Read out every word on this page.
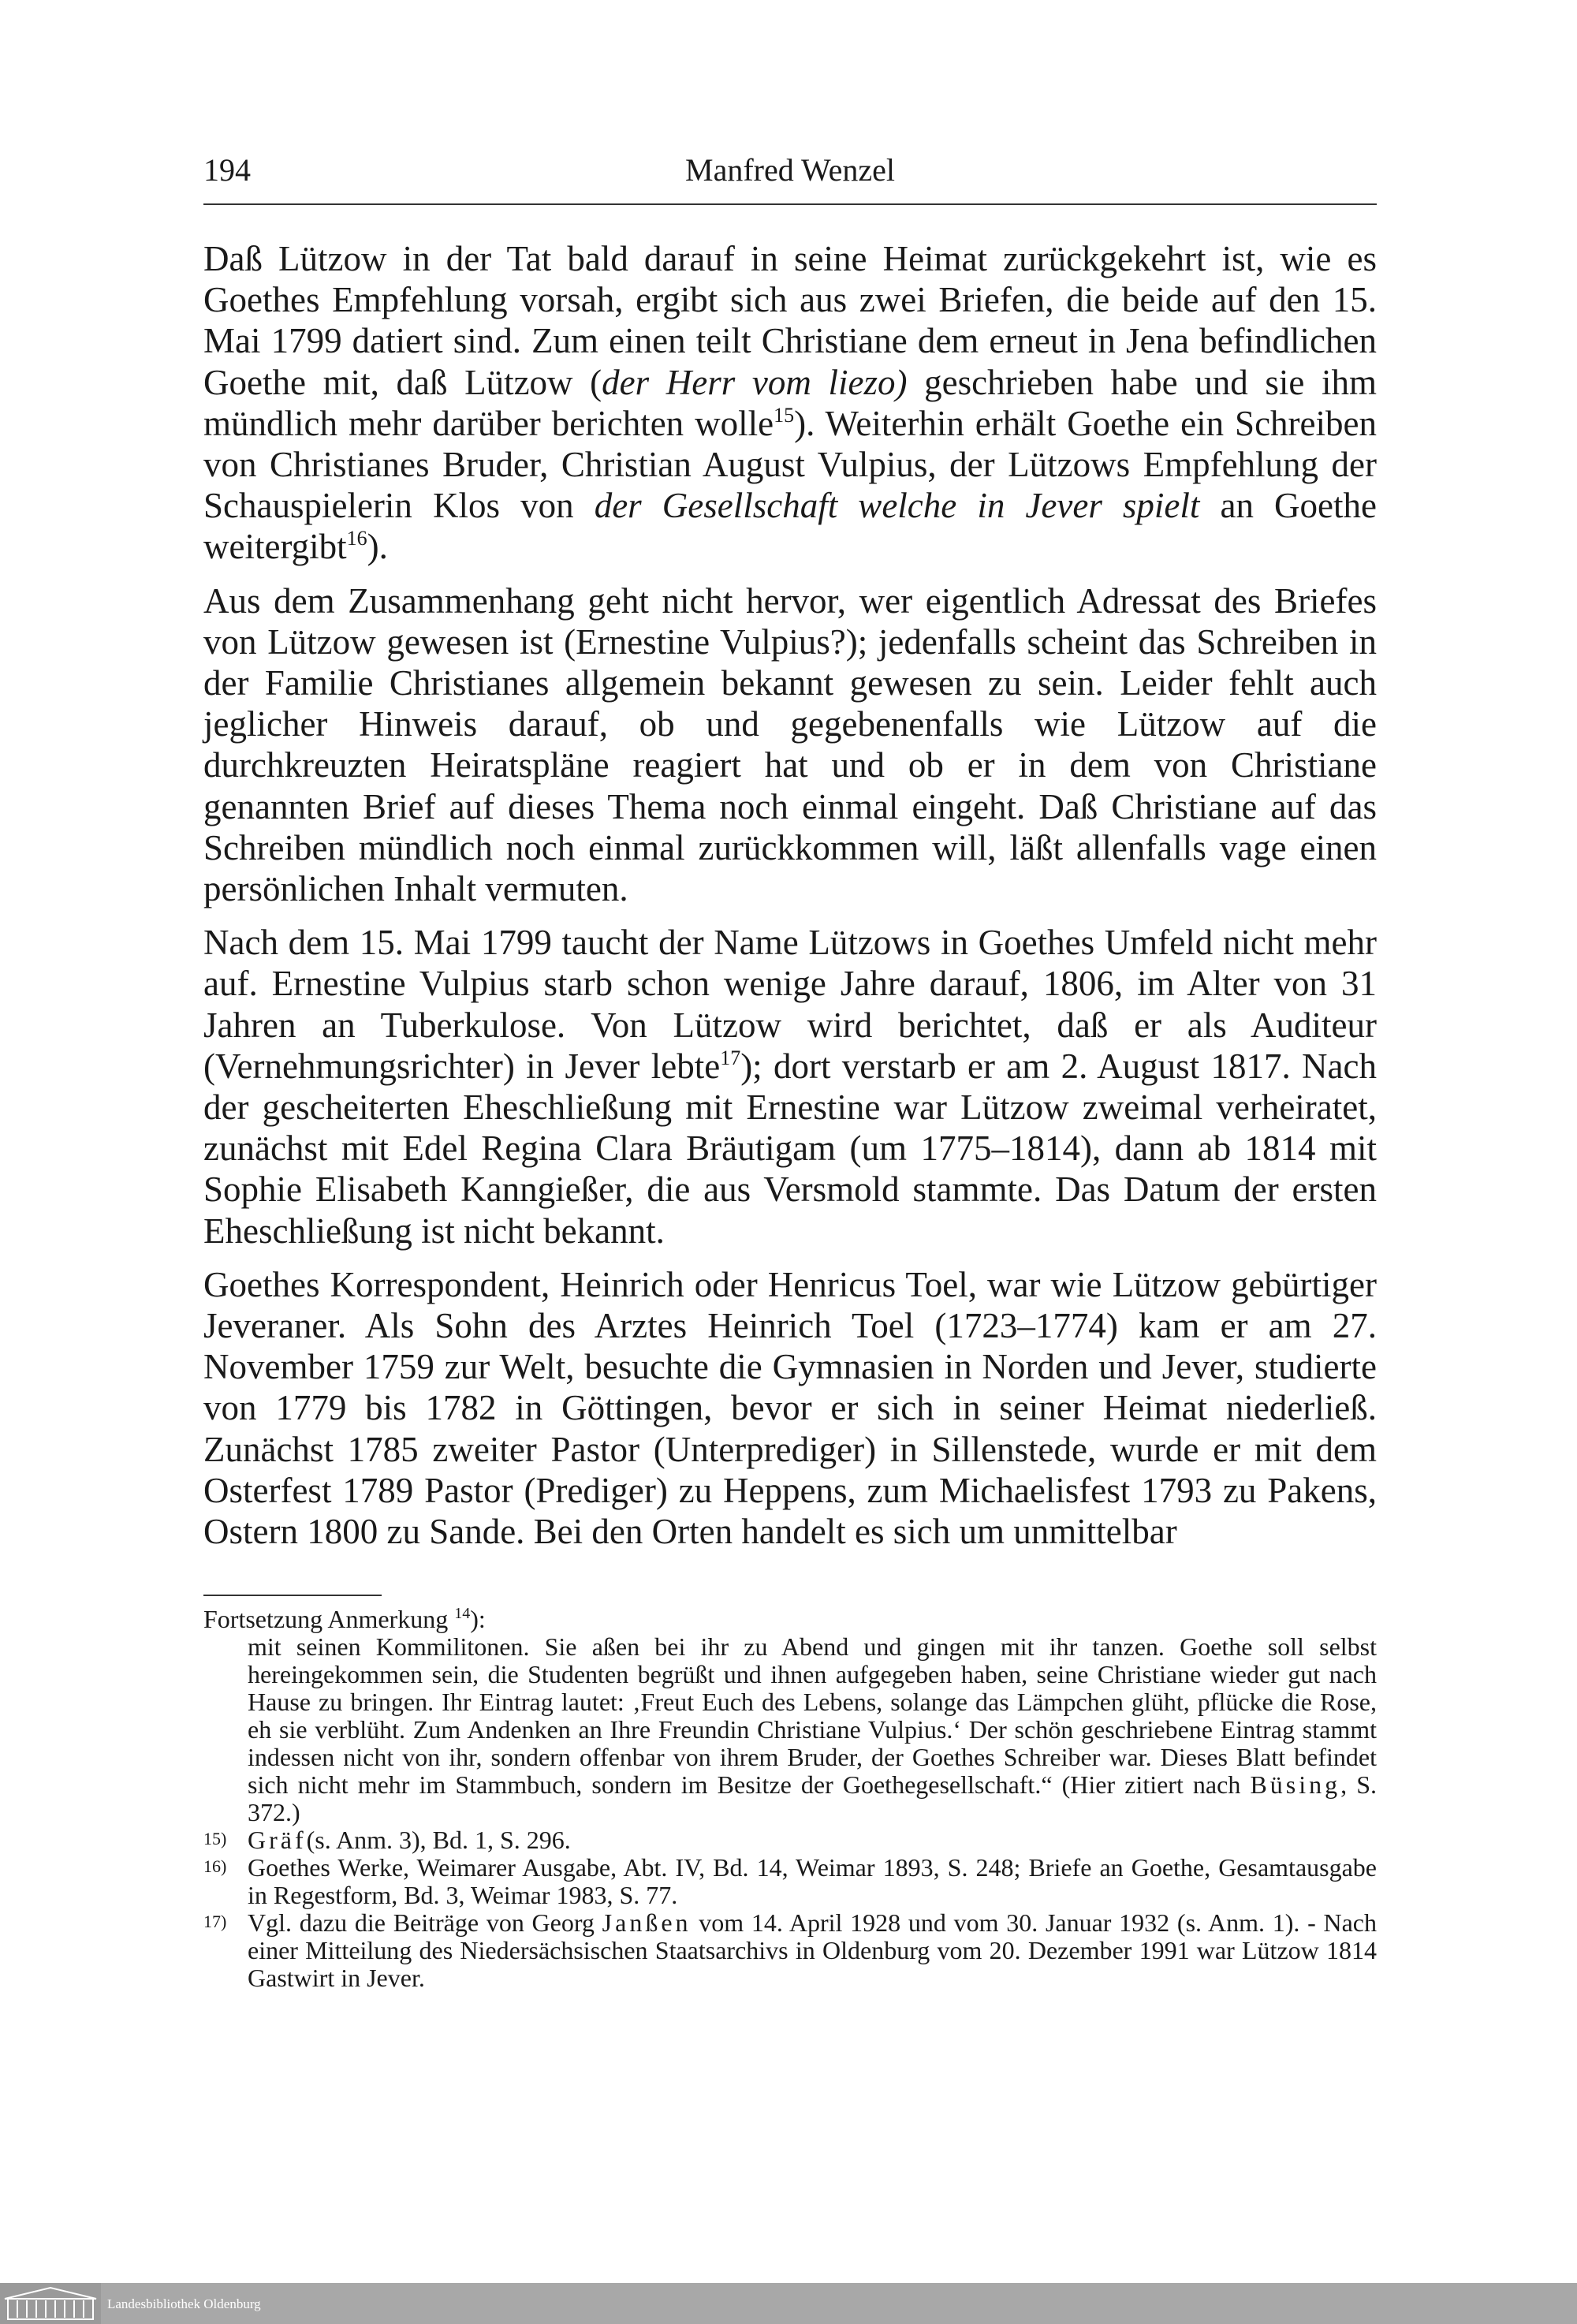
194	Manfred Wenzel

Daß Lützow in der Tat bald darauf in seine Heimat zurückgekehrt ist, wie es Goethes Empfehlung vorsah, ergibt sich aus zwei Briefen, die beide auf den 15. Mai 1799 datiert sind. Zum einen teilt Christiane dem erneut in Jena befindlichen Goethe mit, daß Lützow (der Herr vom liezo) geschrieben habe und sie ihm mündlich mehr darüber berichten wolle$^{15}$). Weiterhin erhält Goethe ein Schreiben von Christianes Bruder, Christian August Vulpius, der Lützows Empfehlung der Schauspielerin Klos von der Gesellschaft welche in Jever spielt an Goethe weitergibt$^{16}$).

Aus dem Zusammenhang geht nicht hervor, wer eigentlich Adressat des Briefes von Lützow gewesen ist (Ernestine Vulpius?); jedenfalls scheint das Schreiben in der Familie Christianes allgemein bekannt gewesen zu sein. Leider fehlt auch jeglicher Hinweis darauf, ob und gegebenenfalls wie Lützow auf die durchkreuzten Heiratspläne reagiert hat und ob er in dem von Christiane genannten Brief auf dieses Thema noch einmal eingeht. Daß Christiane auf das Schreiben mündlich noch einmal zurückkommen will, läßt allenfalls vage einen persönlichen Inhalt vermuten.

Nach dem 15. Mai 1799 taucht der Name Lützows in Goethes Umfeld nicht mehr auf. Ernestine Vulpius starb schon wenige Jahre darauf, 1806, im Alter von 31 Jahren an Tuberkulose. Von Lützow wird berichtet, daß er als Auditeur (Vernehmungsrichter) in Jever lebte$^{17}$); dort verstarb er am 2. August 1817. Nach der gescheiterten Eheschließung mit Ernestine war Lützow zweimal verheiratet, zunächst mit Edel Regina Clara Bräutigam (um 1775–1814), dann ab 1814 mit Sophie Elisabeth Kanngießer, die aus Versmold stammte. Das Datum der ersten Eheschließung ist nicht bekannt.

Goethes Korrespondent, Heinrich oder Henricus Toel, war wie Lützow gebürtiger Jeveraner. Als Sohn des Arztes Heinrich Toel (1723–1774) kam er am 27. November 1759 zur Welt, besuchte die Gymnasien in Norden und Jever, studierte von 1779 bis 1782 in Göttingen, bevor er sich in seiner Heimat niederließ. Zunächst 1785 zweiter Pastor (Unterprediger) in Sillenstede, wurde er mit dem Osterfest 1789 Pastor (Prediger) zu Heppens, zum Michaelisfest 1793 zu Pakens, Ostern 1800 zu Sande. Bei den Orten handelt es sich um unmittelbar

Fortsetzung Anmerkung $^{14}$):

mit seinen Kommilitonen. Sie aßen bei ihr zu Abend und gingen mit ihr tanzen. Goethe soll selbst hereingekommen sein, die Studenten begrüßt und ihnen aufgegeben haben, seine Christiane wieder gut nach Hause zu bringen. Ihr Eintrag lautet: ‚Freut Euch des Lebens, solange das Lämpchen glüht, pflücke die Rose, eh sie verblüht. Zum Andenken an Ihre Freundin Christiane Vulpius.‘ Der schön geschriebene Eintrag stammt indessen nicht von ihr, sondern offenbar von ihrem Bruder, der Goethes Schreiber war. Dieses Blatt befindet sich nicht mehr im Stammbuch, sondern im Besitze der Goethegesellschaft.“ (Hier zitiert nach Büsing, S. 372.)

15) Gräf(s. Anm. 3), Bd. 1, S. 296.

16) Goethes Werke, Weimarer Ausgabe, Abt. IV, Bd. 14, Weimar 1893, S. 248; Briefe an Goethe, Gesamtausgabe in Regestform, Bd. 3, Weimar 1983, S. 77.

17) Vgl. dazu die Beiträge von Georg Janßen vom 14. April 1928 und vom 30. Januar 1932 (s. Anm. 1). - Nach einer Mitteilung des Niedersächsischen Staatsarchivs in Oldenburg vom 20. Dezember 1991 war Lützow 1814 Gastwirt in Jever.

Landesbibliothek Oldenburg
